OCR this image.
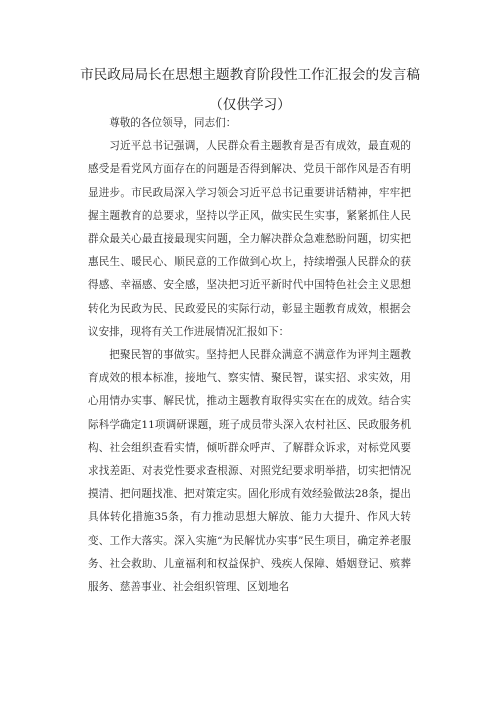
市民政局局长在思想主题教育阶段性工作汇报会的发言稿
（仅供学习）

尊敬的各位领导，同志们：

习近平总书记强调，人民群众看主题教育是否有成效，最直观的感受是看党风方面存在的问题是否得到解决、党员干部作风是否有明显进步。市民政局深入学习领会习近平总书记重要讲话精神，牢牢把握主题教育的总要求，坚持以学正风，做实民生实事，紧紧抓住人民群众最关心最直接最现实问题，全力解决群众急难愁盼问题，切实把惠民生、暖民心、顺民意的工作做到心坎上，持续增强人民群众的获得感、幸福感、安全感，坚决把习近平新时代中国特色社会主义思想转化为民政为民、民政爱民的实际行动，彰显主题教育成效，根据会议安排，现将有关工作进展情况汇报如下：

把聚民智的事做实。坚持把人民群众满意不满意作为评判主题教育成效的根本标准，接地气、察实情、聚民智，谋实招、求实效，用心用情办实事、解民忧，推动主题教育取得实实在在的成效。结合实际科学确定11项调研课题，班子成员带头深入农村社区、民政服务机构、社会组织查看实情，倾听群众呼声、了解群众诉求，对标党风要求找差距、对表党性要求查根源、对照党纪要求明举措，切实把情况摸清、把问题找准、把对策定实。固化形成有效经验做法28条，提出具体转化措施35条，有力推动思想大解放、能力大提升、作风大转变、工作大落实。深入实施“为民解忧办实事”民生项目，确定养老服务、社会救助、儿童福利和权益保护、残疾人保障、婚姻登记、殡葬服务、慈善事业、社会组织管理、区划地名
